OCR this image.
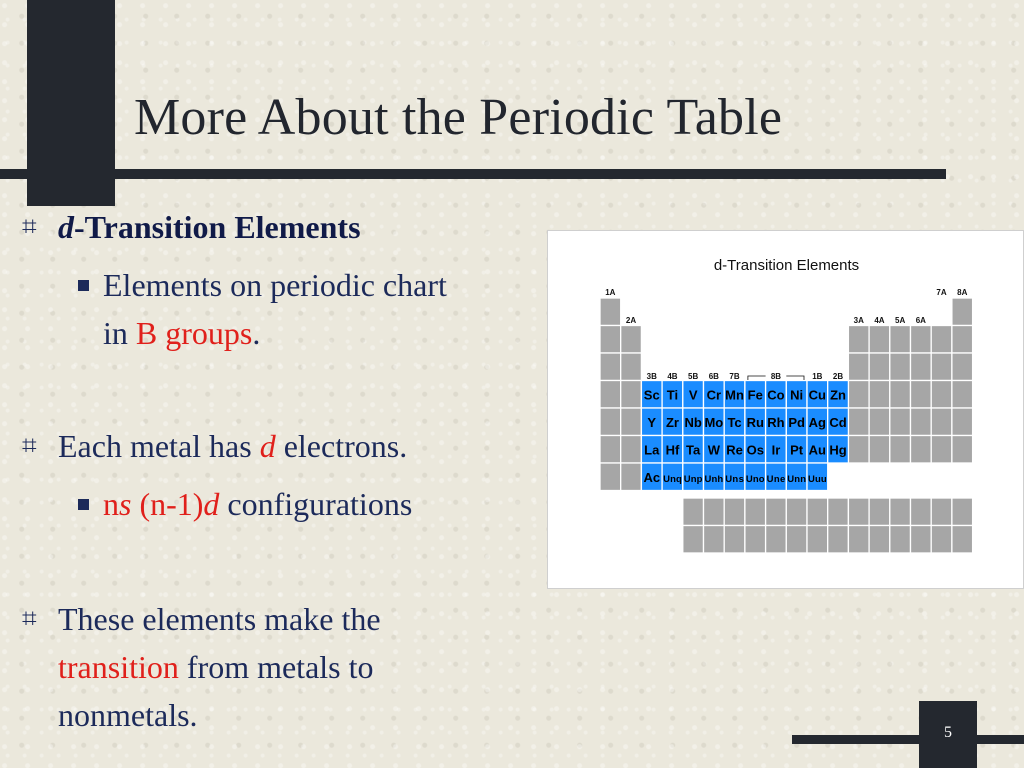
5
More About the Periodic Table
⌗ d-Transition Elements
Elements on periodic chart
in B groups.
⌗ Each metal has d electrons.
ns (n-1)d configurations
⌗ These elements make the
transition from metals to
nonmetals.
d-Transition Elements
Sc Ti V Cr Mn Fe Co Ni Cu Zn
Y Zr Nb Mo Tc Ru Rh Pd Ag Cd
La Hf Ta W Re Os Ir Pt Au Hg
Ac Unq Unp Unh Uns Uno Une Unn Uuu
1A
2A
3B 4B 5B 6B 7B	8B	1B 2B
3A 4A 5A 6A
7A 8A
